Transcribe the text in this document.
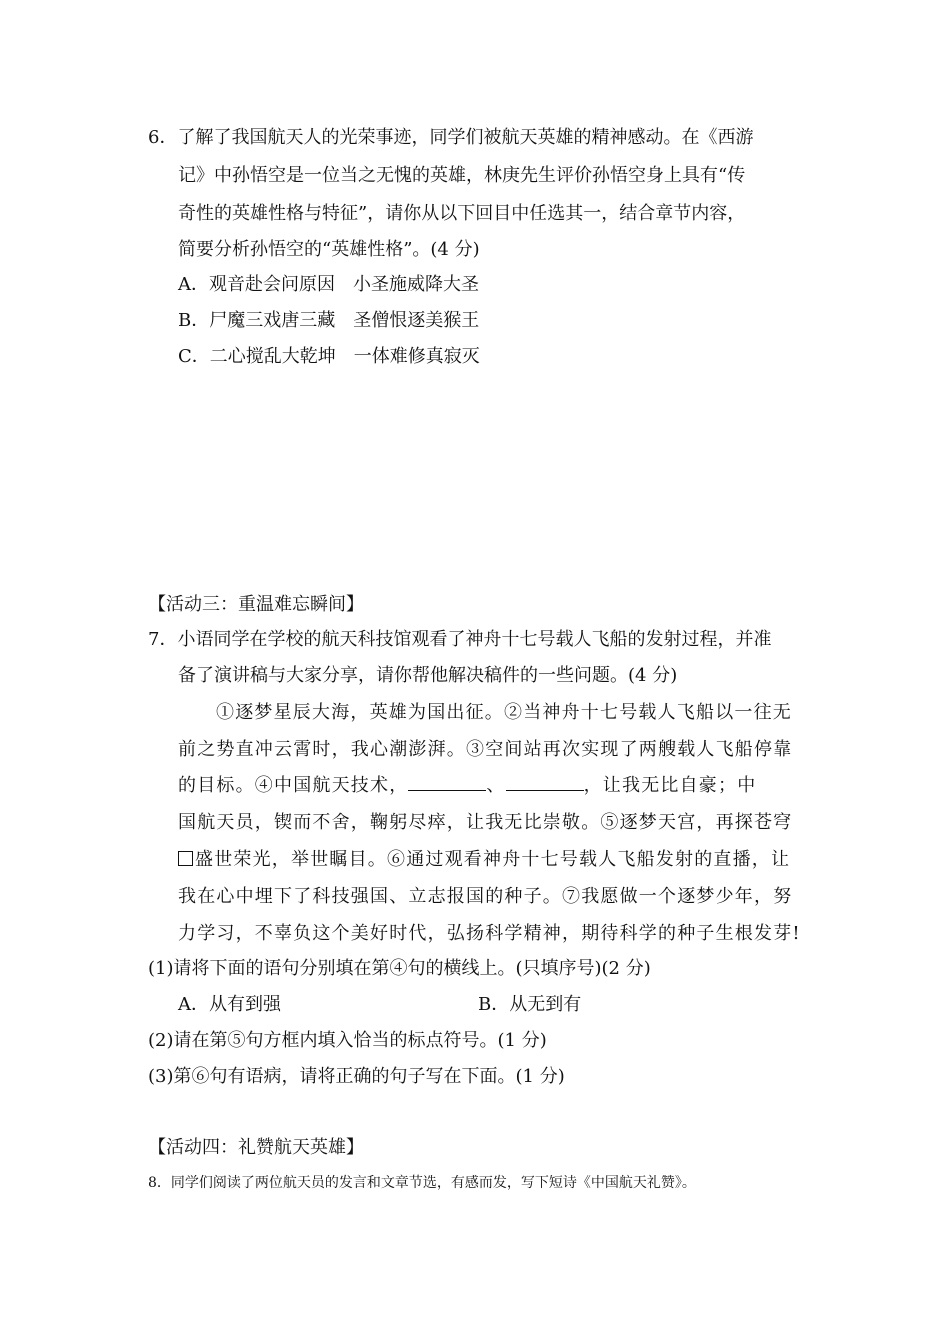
6．了解了我国航天人的光荣事迹，同学们被航天英雄的精神感动。在《西游
记》中孙悟空是一位当之无愧的英雄，林庚先生评价孙悟空身上具有“传
奇性的英雄性格与特征”，请你从以下回目中任选其一，结合章节内容，
简要分析孙悟空的“英雄性格”。(4 分)
A．观音赴会问原因　小圣施威降大圣
B．尸魔三戏唐三藏　圣僧恨逐美猴王
C．二心搅乱大乾坤　一体难修真寂灭
【活动三：重温难忘瞬间】
7．小语同学在学校的航天科技馆观看了神舟十七号载人飞船的发射过程，并准
备了演讲稿与大家分享，请你帮他解决稿件的一些问题。(4 分)
①逐梦星辰大海，英雄为国出征。②当神舟十七号载人飞船以一往无
前之势直冲云霄时，我心潮澎湃。③空间站再次实现了两艘载人飞船停靠
的目标。④中国航天技术，	、	，让我无比自豪；中
国航天员，锲而不舍，鞠躬尽瘁，让我无比崇敬。⑤逐梦天宫，再探苍穹
盛世荣光，举世瞩目。⑥通过观看神舟十七号载人飞船发射的直播，让
我在心中埋下了科技强国、立志报国的种子。⑦我愿做一个逐梦少年，努
力学习，不辜负这个美好时代，弘扬科学精神，期待科学的种子生根发芽!
(1)请将下面的语句分别填在第④句的横线上。(只填序号)(2 分)
A．从有到强	B．从无到有
(2)请在第⑤句方框内填入恰当的标点符号。(1 分)
(3)第⑥句有语病，请将正确的句子写在下面。(1 分)
【活动四：礼赞航天英雄】
8．同学们阅读了两位航天员的发言和文章节选，有感而发，写下短诗《中国航天礼赞》。
